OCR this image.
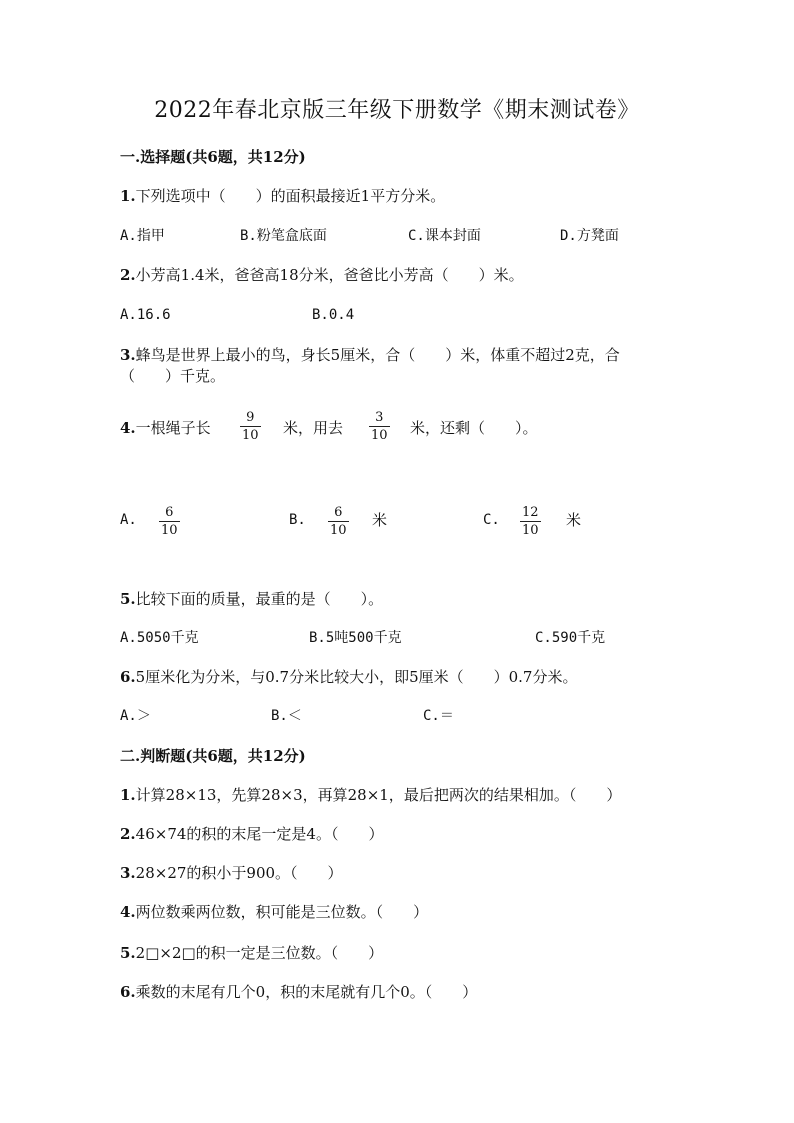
2022年春北京版三年级下册数学《期末测试卷》
一.选择题(共6题，共12分)
1.下列选项中（　　）的面积最接近1平方分米。
A.指甲	B.粉笔盒底面	C.课本封面	D.方凳面
2.小芳高1.4米，爸爸高18分米，爸爸比小芳高（　　）米。
A.16.6	B.0.4
3.蜂鸟是世界上最小的鸟，身长5厘米，合（　　）米，体重不超过2克，合
（　　）千克。
4.一根绳子长
9
10 米，用去
3
10 米，还剩（　　）。
A. 6
10
B. 6
10
米	C. 12
10
米
5.比较下面的质量，最重的是（　　）。
A.5050千克	B.5吨500千克	C.590千克
6.5厘米化为分米，与0.7分米比较大小，即5厘米（　　）0.7分米。
A.＞	B.＜	C.＝
二.判断题(共6题，共12分)
1.计算28×13，先算28×3，再算28×1，最后把两次的结果相加。（　　）
2.46×74的积的末尾一定是4。（　　）
3.28×27的积小于900。（　　）
4.两位数乘两位数，积可能是三位数。（　　）
5.2□×2□的积一定是三位数。（　　）
6.乘数的末尾有几个0，积的末尾就有几个0。（　　）
